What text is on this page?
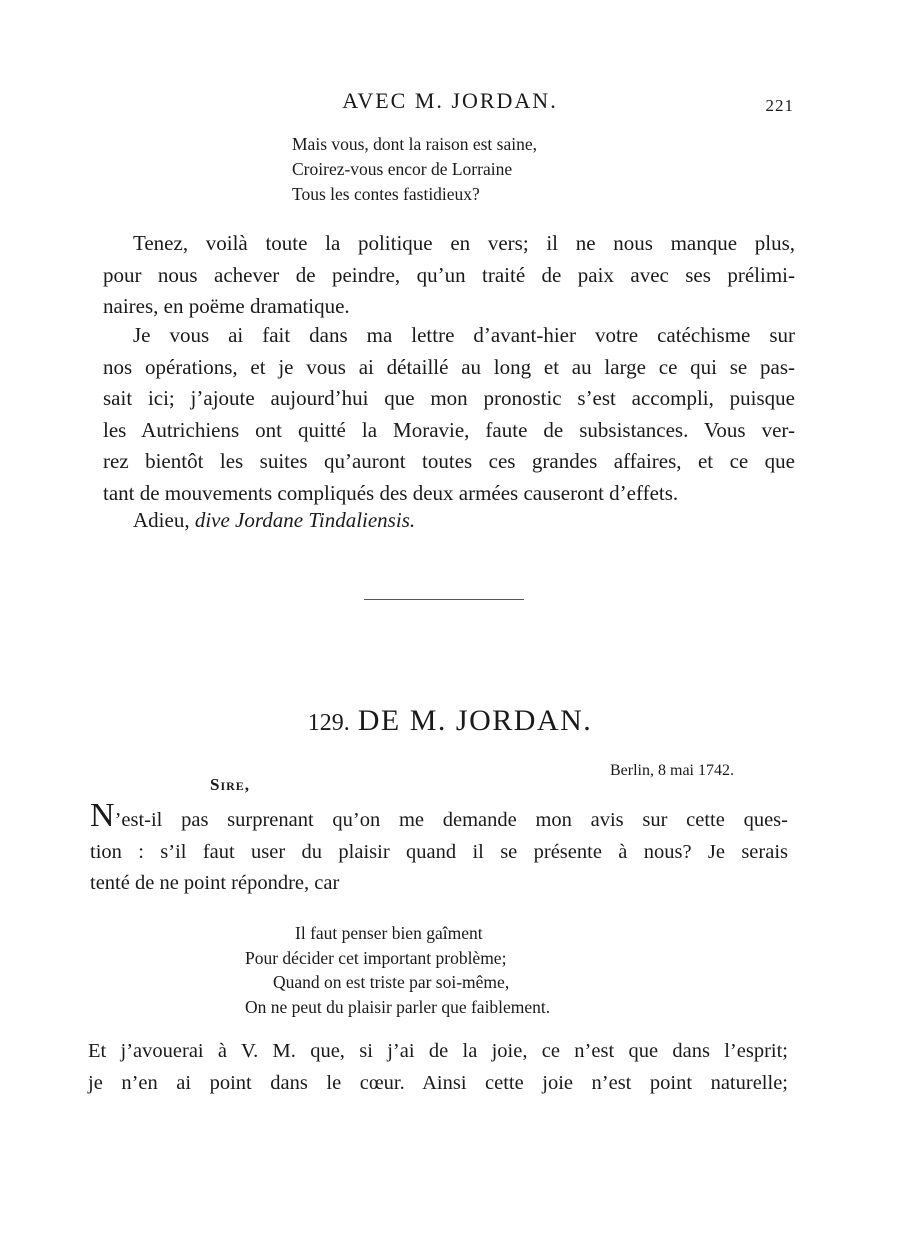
AVEC M. JORDAN.	221
Mais vous, dont la raison est saine,
Croirez-vous encor de Lorraine
Tous les contes fastidieux?
Tenez, voilà toute la politique en vers; il ne nous manque plus,
pour nous achever de peindre, qu’un traité de paix avec ses prélimi-
naires, en poëme dramatique.
Je vous ai fait dans ma lettre d’avant-hier votre catéchisme sur
nos opérations, et je vous ai détaillé au long et au large ce qui se pas-
sait ici; j’ajoute aujourd’hui que mon pronostic s’est accompli, puisque
les Autrichiens ont quitté la Moravie, faute de subsistances. Vous ver-
rez bientôt les suites qu’auront toutes ces grandes affaires, et ce que
tant de mouvements compliqués des deux armées causeront d’effets.
Adieu, dive Jordane Tindaliensis.
129. DE M. JORDAN.
Berlin, 8 mai 1742.
Sire,
N’est-il pas surprenant qu’on me demande mon avis sur cette ques-
tion : s’il faut user du plaisir quand il se présente à nous? Je serais
tenté de ne point répondre, car
Il faut penser bien gaîment
Pour décider cet important problème;
Quand on est triste par soi-même,
On ne peut du plaisir parler que faiblement.
Et j’avouerai à V. M. que, si j’ai de la joie, ce n’est que dans l’esprit;
je n’en ai point dans le cœur. Ainsi cette joie n’est point naturelle;
